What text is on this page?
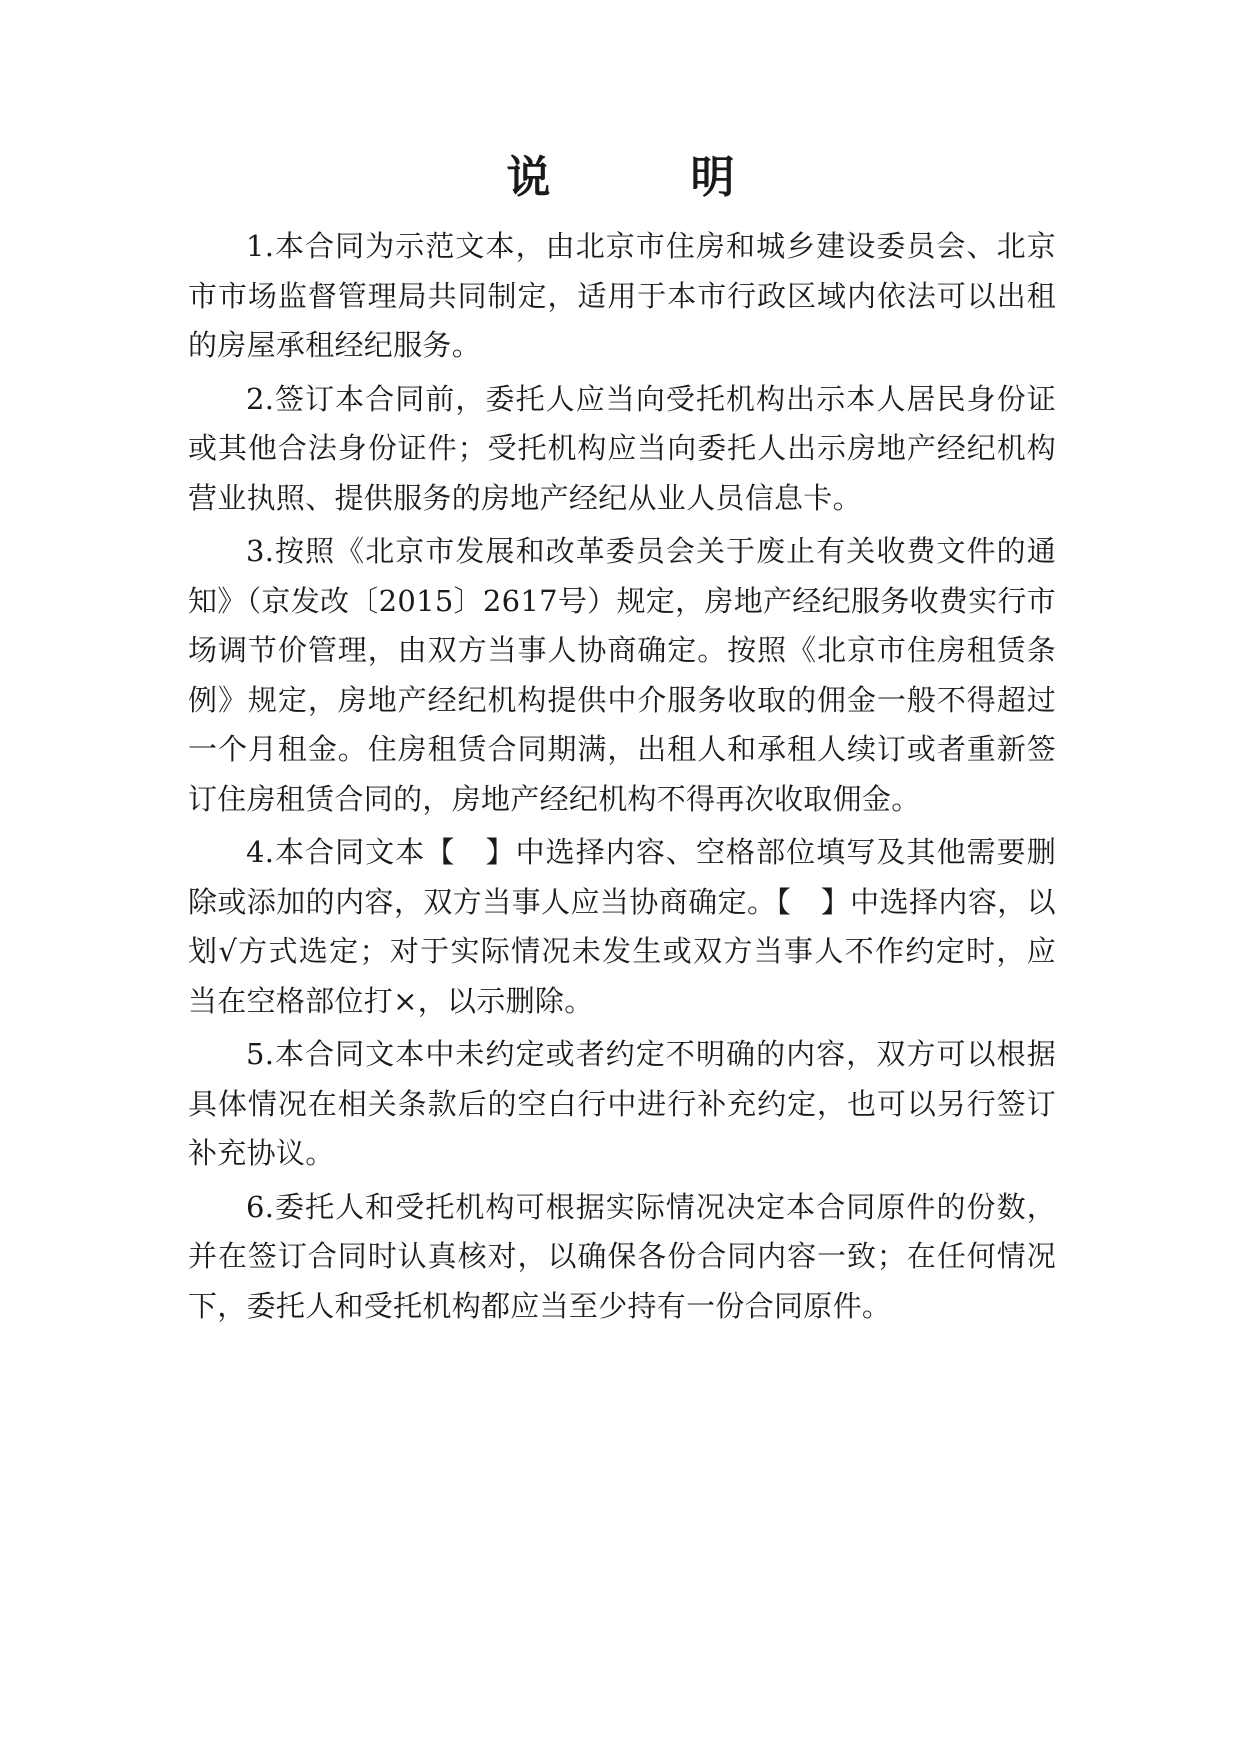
说　明

1.本合同为示范文本，由北京市住房和城乡建设委员会、北京市市场监督管理局共同制定，适用于本市行政区域内依法可以出租的房屋承租经纪服务。

2.签订本合同前，委托人应当向受托机构出示本人居民身份证或其他合法身份证件；受托机构应当向委托人出示房地产经纪机构营业执照、提供服务的房地产经纪从业人员信息卡。

3.按照《北京市发展和改革委员会关于废止有关收费文件的通知》（京发改〔2015〕2617号）规定，房地产经纪服务收费实行市场调节价管理，由双方当事人协商确定。按照《北京市住房租赁条例》规定，房地产经纪机构提供中介服务收取的佣金一般不得超过一个月租金。住房租赁合同期满，出租人和承租人续订或者重新签订住房租赁合同的，房地产经纪机构不得再次收取佣金。

4.本合同文本【　】中选择内容、空格部位填写及其他需要删除或添加的内容，双方当事人应当协商确定。【　】中选择内容，以划√方式选定；对于实际情况未发生或双方当事人不作约定时，应当在空格部位打×，以示删除。

5.本合同文本中未约定或者约定不明确的内容，双方可以根据具体情况在相关条款后的空白行中进行补充约定，也可以另行签订补充协议。

6.委托人和受托机构可根据实际情况决定本合同原件的份数，并在签订合同时认真核对，以确保各份合同内容一致；在任何情况下，委托人和受托机构都应当至少持有一份合同原件。
